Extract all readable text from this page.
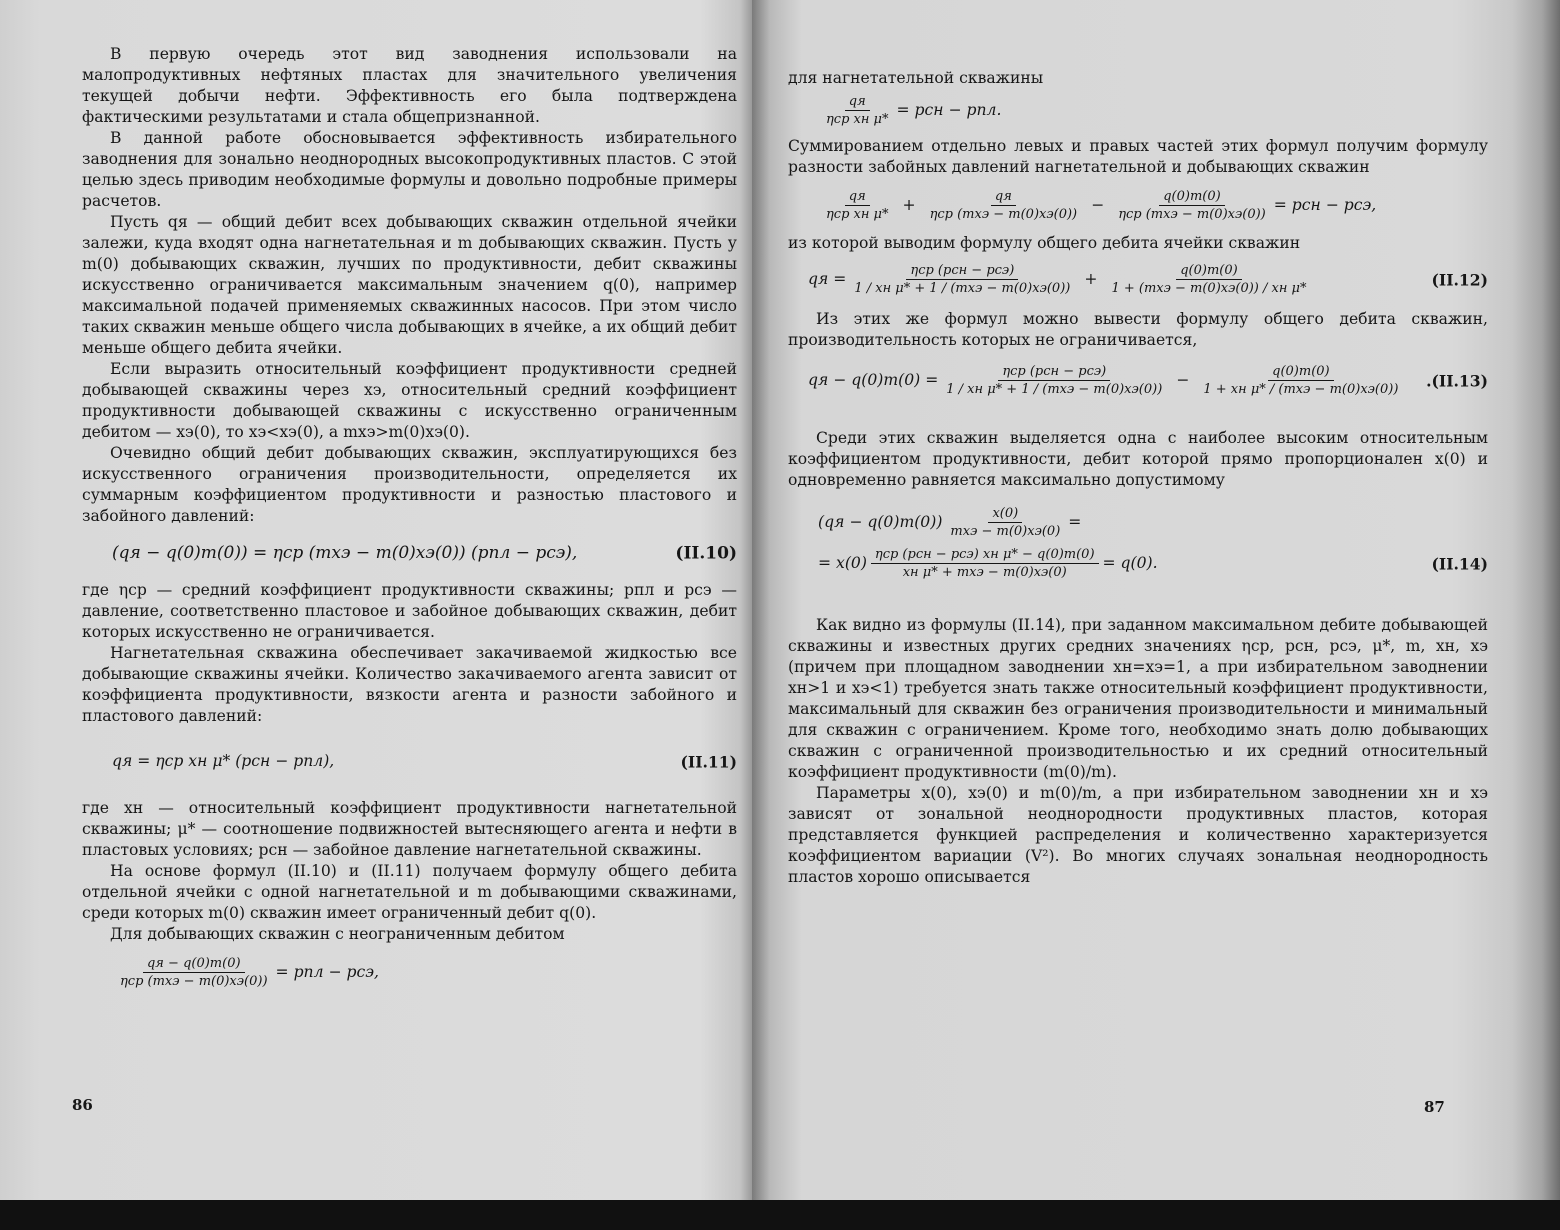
В первую очередь этот вид заводнения использовали на малопродуктивных нефтяных пластах для значительного увеличения текущей добычи нефти. Эффективность его была подтверждена фактическими результатами и стала общепризнанной.

В данной работе обосновывается эффективность избирательного заводнения для зонально неоднородных высокопродуктивных пластов. С этой целью здесь приводим необходимые формулы и довольно подробные примеры расчетов.

Пусть qя — общий дебит всех добывающих скважин отдельной ячейки залежи, куда входят одна нагнетательная и m добывающих скважин. Пусть у m(0) добывающих скважин, лучших по продуктивности, дебит скважины искусственно ограничивается максимальным значением q(0), например максимальной подачей применяемых скважинных насосов. При этом число таких скважин меньше общего числа добывающих в ячейке, а их общий дебит меньше общего дебита ячейки.

Если выразить относительный коэффициент продуктивности средней добывающей скважины через xэ, относительный средний коэффициент продуктивности добывающей скважины с искусственно ограниченным дебитом — xэ(0), то xэ<xэ(0), а mxэ>m(0)xэ(0).

Очевидно общий дебит добывающих скважин, эксплуатирующихся без искусственного ограничения производительности, определяется их суммарным коэффициентом продуктивности и разностью пластового и забойного давлений:

(qя − q(0)m(0)) = ηср (mxэ − m(0)xэ(0)) (pпл − pсэ),	(II.10)

где ηср — средний коэффициент продуктивности скважины; pпл и pсэ — давление, соответственно пластовое и забойное добывающих скважин, дебит которых искусственно не ограничивается.

Нагнетательная скважина обеспечивает закачиваемой жидкостью все добывающие скважины ячейки. Количество закачиваемого агента зависит от коэффициента продуктивности, вязкости агента и разности забойного и пластового давлений:

qя = ηср xн μ* (pсн − pпл),	(II.11)

где xн — относительный коэффициент продуктивности нагнетательной скважины; μ* — соотношение подвижностей вытесняющего агента и нефти в пластовых условиях; pсн — забойное давление нагнетательной скважины.

На основе формул (II.10) и (II.11) получаем формулу общего дебита отдельной ячейки с одной нагнетательной и m добывающими скважинами, среди которых m(0) скважин имеет ограниченный дебит q(0).

Для добывающих скважин с неограниченным дебитом

$\frac{qя - q(0)m(0)}{\text{ηср (mxэ − m(0)xэ(0))}}$ = pпл − pсэ,
86

для нагнетательной скважины

$\frac{qя}{\text{ηср xн μ*}}$ = pсн − pпл.

Суммированием отдельно левых и правых частей этих формул получим формулу разности забойных давлений нагнетательной и добывающих скважин

$\frac{qя}{\text{ηср xн μ*}} + \frac{qя}{\text{ηср (mxэ − m(0)xэ(0))}} - \frac{q(0)m(0)}{\text{ηср (mxэ − m(0)xэ(0))}}$ = pсн − pсэ,

из которой выводим формулу общего дебита ячейки скважин

qя = $\frac{\text{ηср (pсн − pсэ)}}{\text{1 / xн μ* + 1 / (mxэ − m(0)xэ(0))}} + \frac{q(0)m(0)}{\text{1 + (mxэ − m(0)xэ(0)) / xн μ*}}$	(II.12)

Из этих же формул можно вывести формулу общего дебита скважин, производительность которых не ограничивается,

qя − $q(0)m(0) = \frac{\text{ηср (pсн − pсэ)}}{\text{1 / xн μ* + 1 / (mxэ − m(0)xэ(0))}} - \frac{q(0)m(0)}{\text{1 + xн μ* / (mxэ − m(0)xэ(0))}} .(II.13)$

Среди этих скважин выделяется одна с наиболее высоким относительным коэффициентом продуктивности, дебит которой прямо пропорционален x(0) и одновременно равняется максимально допустимому

$(qя - q(0)m(0)) \frac{x(0)}{\text{mxэ − m(0)xэ(0)}}$ =
= $x(0) \frac{\text{ηср (pсн − pсэ) xн μ* − q(0)m(0)}}{\text{xн μ* + mxэ − m(0)xэ(0)}} = q(0)$.	(II.14)

Как видно из формулы (II.14), при заданном максимальном дебите добывающей скважины и известных других средних значениях ηср, pсн, pсэ, μ*, m, xн, xэ (причем при площадном заводнении xн=xэ=1, а при избирательном заводнении xн>1 и xэ<1) требуется знать также относительный коэффициент продуктивности, максимальный для скважин без ограничения производительности и минимальный для скважин с ограничением. Кроме того, необходимо знать долю добывающих скважин с ограниченной производительностью и их средний относительный коэффициент продуктивности (m(0)/m).

Параметры x(0), xэ(0) и m(0)/m, а при избирательном заводнении xн и xэ зависят от зональной неоднородности продуктивных пластов, которая представляется функцией распределения и количественно характеризуется коэффициентом вариации (V²). Во многих случаях зональная неоднородность пластов хорошо описывается

87
